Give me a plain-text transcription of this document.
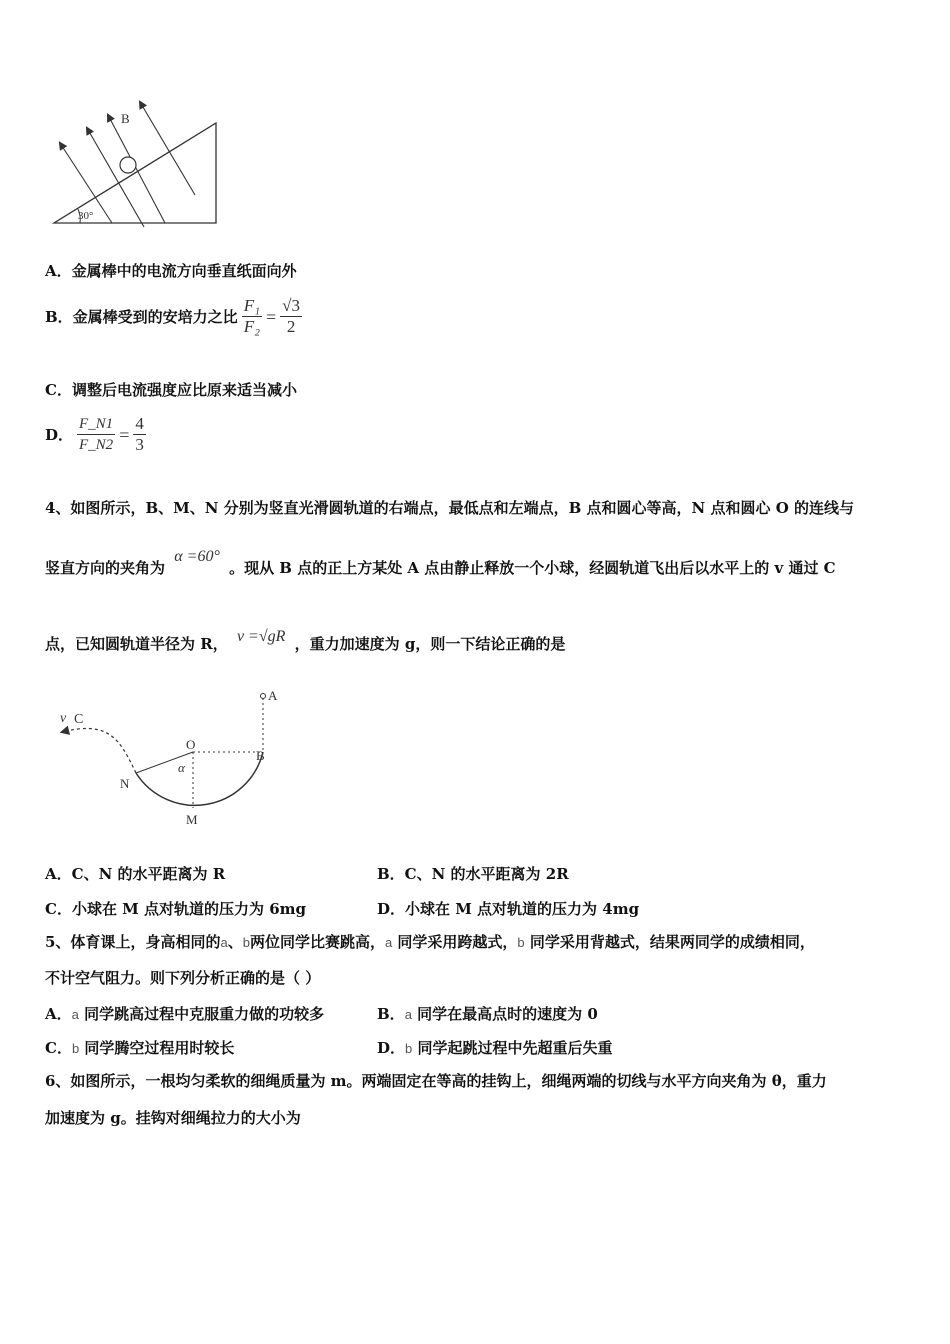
B
30°
A．金属棒中的电流方向垂直纸面向外
B．金属棒受到的安培力之比 $\frac{\text{F₁}}{\text{F₂}} = \frac{√3}{2}$
C．调整后电流强度应比原来适当减小
D． $\frac{F\_N1}{F\_N2} = \frac{4}{3}$
4、如图所示，B、M、N 分别为竖直光滑圆轨道的右端点，最低点和左端点，B 点和圆心等高，N 点和圆心 O 的连线与
竖直方向的夹角为 α =60° 。现从 B 点的正上方某处 A 点由静止释放一个小球，经圆轨道飞出后以水平上的 v 通过 C
点，已知圆轨道半径为 R， v =√gR ，重力加速度为 g，则一下结论正确的是
v C
O
A
B
N
M
α
A．C、N 的水平距离为 R	B．C、N 的水平距离为 2R
C．小球在 M 点对轨道的压力为 6mg	D．小球在 M 点对轨道的压力为 4mg
5、体育课上，身高相同的a、b两位同学比赛跳高，a 同学采用跨越式，b 同学采用背越式，结果两同学的成绩相同，
不计空气阻力。则下列分析正确的是（ ）
A．a 同学跳高过程中克服重力做的功较多	B．a 同学在最高点时的速度为 0
C．b 同学腾空过程用时较长	D．b 同学起跳过程中先超重后失重
6、如图所示，一根均匀柔软的细绳质量为 m。两端固定在等高的挂钩上，细绳两端的切线与水平方向夹角为 θ，重力
加速度为 g。挂钩对细绳拉力的大小为
